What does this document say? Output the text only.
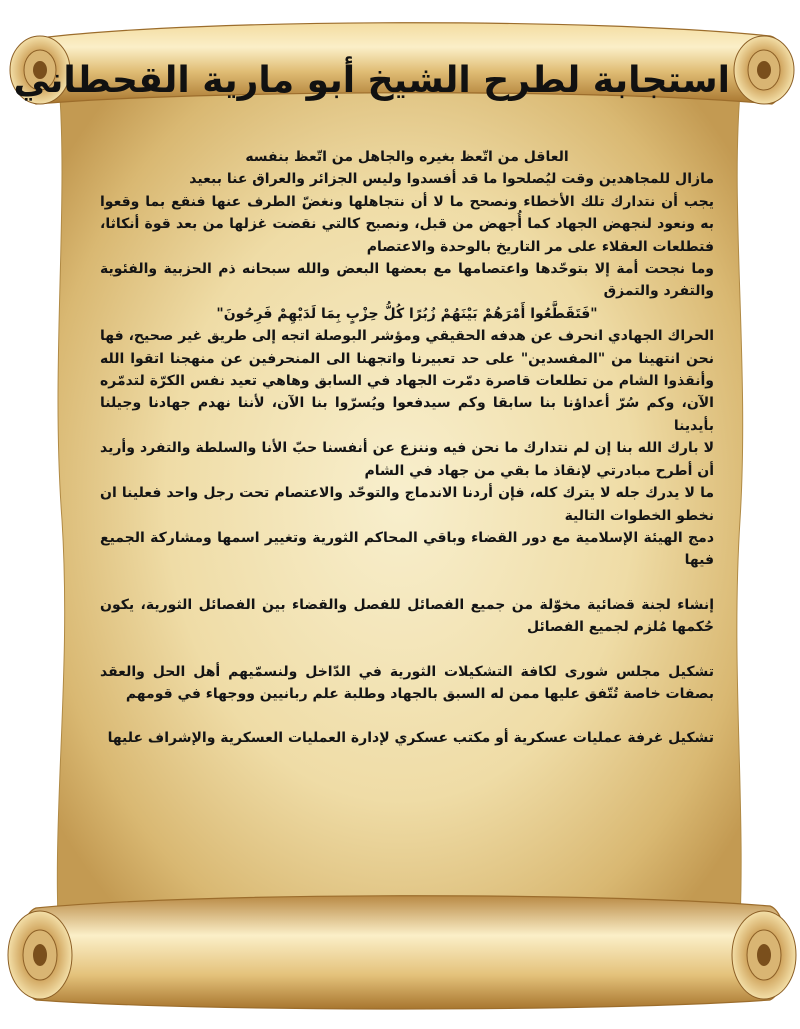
استجابة لطرح الشيخ أبو مارية القحطاني

العاقل من اتّعظ بغيره والجاهل من اتّعظ بنفسه

مازال للمجاهدين وقت ليُصلحوا ما قد أفسدوا وليس الجزائر والعراق عنا ببعيد

يجب أن نتدارك تلك الأخطاء ونصحح ما لا أن نتجاهلها ونغضّ الطرف عنها فنقع بما وقعوا به ونعود لنجهض الجهاد كما أُجهض من قبل، ونصبح كالتي نقضت غزلها من بعد قوة أنكاثا، فتطلعات العقلاء على مر التاريخ بالوحدة والاعتصام

وما نجحت أمة إلا بتوحّدها واعتصامها مع بعضها البعض والله سبحانه ذم الحزبية والفئوية والتفرد والتمزق

"فَتَقَطَّعُوا أَمْرَهُمْ بَيْنَهُمْ زُبُرًا كُلُّ حِزْبٍ بِمَا لَدَيْهِمْ فَرِحُونَ"

الحراك الجهادي انحرف عن هدفه الحقيقي ومؤشر البوصلة اتجه إلى طريق غير صحيح، فها نحن انتهينا من "المفسدين" على حد تعبيرنا واتجهنا الى المنحرفين عن منهجنا اتقوا الله وأنقذوا الشام من تطلعات قاصرة دمّرت الجهاد في السابق وهاهي تعيد نفس الكرّة لتدمّره الآن، وكم سُرّ أعداؤنا بنا سابقا وكم سيدفعوا ويُسرّوا بنا الآن، لأننا نهدم جهادنا وجيلنا بأيدينا

لا بارك الله بنا إن لم نتدارك ما نحن فيه وننزع عن أنفسنا حبّ الأنا والسلطة والتفرد وأريد أن أطرح مبادرتي لإنقاذ ما بقي من جهاد في الشام

ما لا يدرك جله لا يترك كله، فإن أردنا الاندماج والتوحّد والاعتصام تحت رجل واحد فعلينا ان نخطو الخطوات التالية

دمج الهيئة الإسلامية مع دور القضاء وباقي المحاكم الثورية وتغيير اسمها ومشاركة الجميع فيها

إنشاء لجنة قضائية مخوّلة من جميع الفصائل للفصل والقضاء بين الفصائل الثورية، يكون حُكمها مُلزم لجميع الفصائل

تشكيل مجلس شورى لكافة التشكيلات الثورية في الدّاخل ولنسمّيهم أهل الحل والعقد بصفات خاصة تُتّفق عليها ممن له السبق بالجهاد وطلبة علم ربانيين ووجهاء في قومهم

تشكيل غرفة عمليات عسكرية أو مكتب عسكري لإدارة العمليات العسكرية والإشراف عليها
